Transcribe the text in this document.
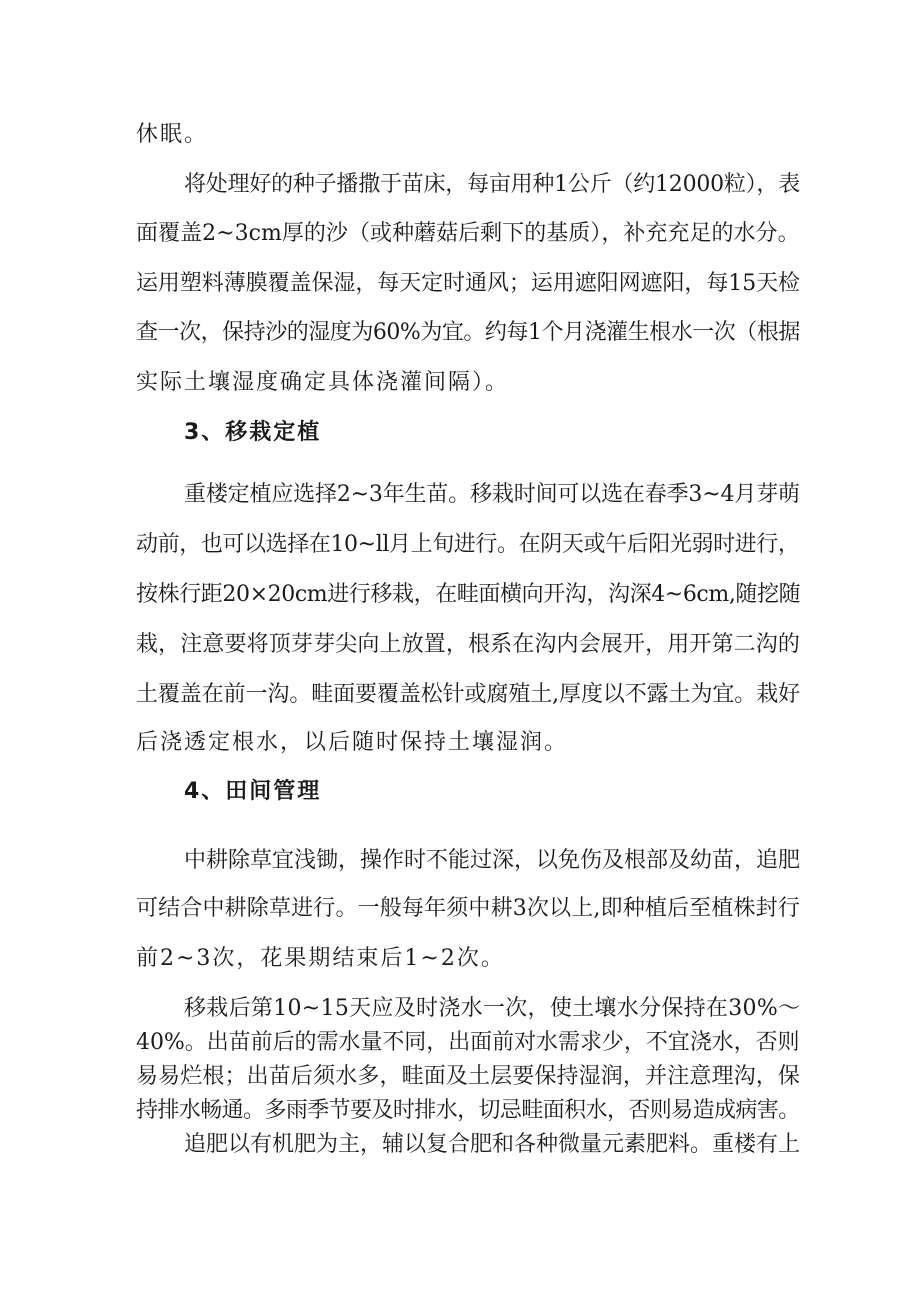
休眠。
将处理好的种子播撒于苗床，每亩用种1公斤（约12000粒），表
面覆盖2~3cm厚的沙（或种蘑菇后剩下的基质），补充充足的水分。
运用塑料薄膜覆盖保湿，每天定时通风；运用遮阳网遮阳，每15天检
查一次，保持沙的湿度为60%为宜。约每1个月浇灌生根水一次（根据
实际土壤湿度确定具体浇灌间隔）。
3、移栽定植
重楼定植应选择2~3年生苗。移栽时间可以选在春季3~4月芽萌
动前，也可以选择在10~ll月上旬进行。在阴天或午后阳光弱时进行，
按株行距20×20cm进行移栽，在畦面横向开沟，沟深4~6cm,随挖随
栽，注意要将顶芽芽尖向上放置，根系在沟内会展开，用开第二沟的
土覆盖在前一沟。畦面要覆盖松针或腐殖土,厚度以不露土为宜。栽好
后浇透定根水，以后随时保持土壤湿润。
4、田间管理
中耕除草宜浅锄，操作时不能过深，以免伤及根部及幼苗，追肥
可结合中耕除草进行。一般每年须中耕3次以上,即种植后至植株封行
前2~3次，花果期结束后1~2次。
移栽后第10~15天应及时浇水一次，使土壤水分保持在30%～
40%。出苗前后的需水量不同，出面前对水需求少，不宜浇水，否则
易易烂根；出苗后须水多，畦面及土层要保持湿润，并注意理沟，保
持排水畅通。多雨季节要及时排水，切忌畦面积水，否则易造成病害。
追肥以有机肥为主，辅以复合肥和各种微量元素肥料。重楼有上
